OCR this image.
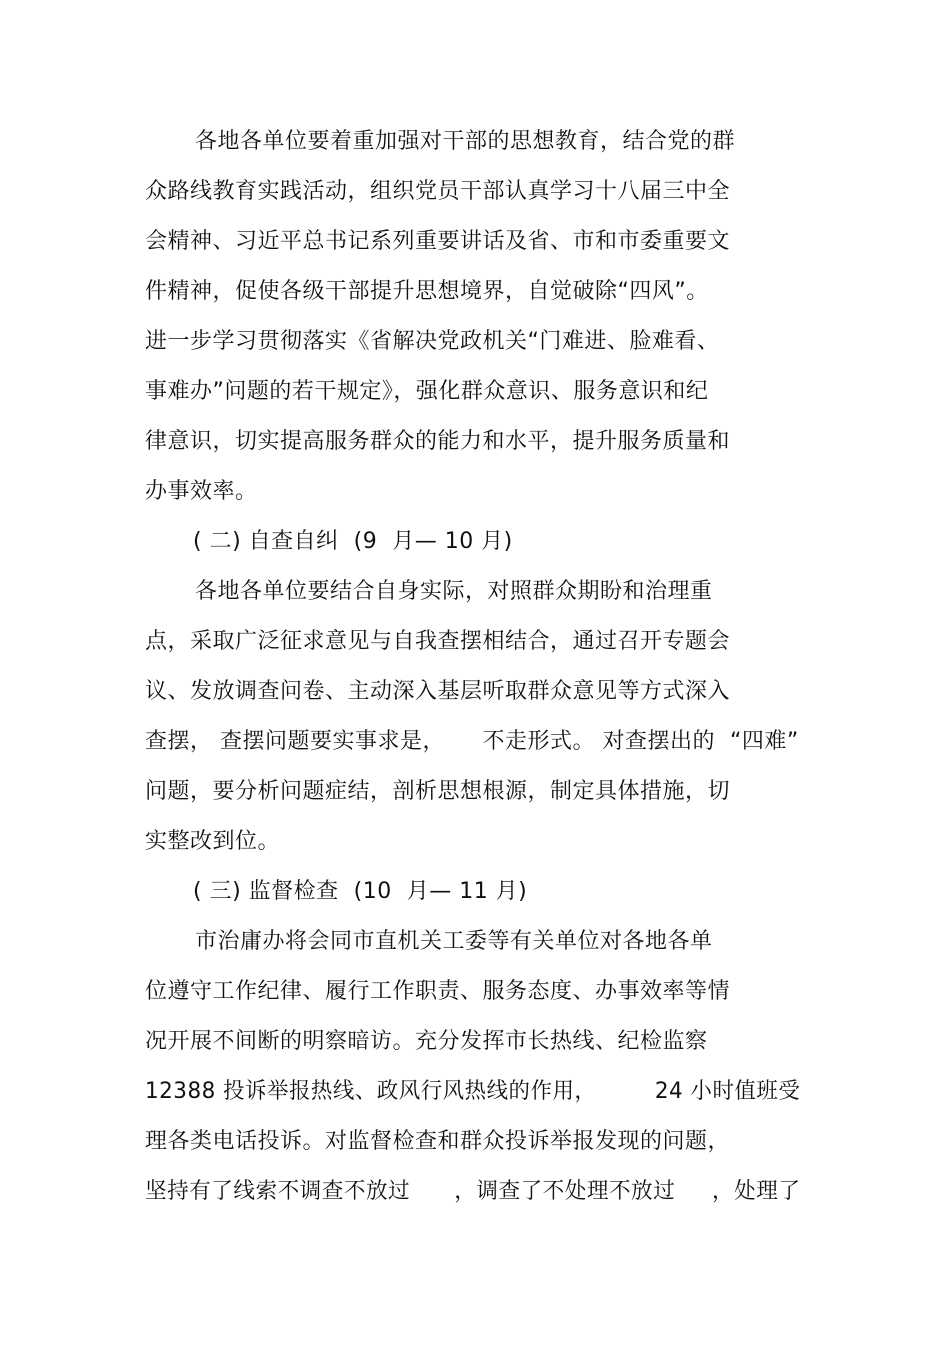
各地各单位要着重加强对干部的思想教育，结合党的群
众路线教育实践活动，组织党员干部认真学习十八届三中全
会精神、习近平总书记系列重要讲话及省、市和市委重要文
件精神，促使各级干部提升思想境界，自觉破除“四风”。
进一步学习贯彻落实《省解决党政机关“门难进、脸难看、
事难办”问题的若干规定》，强化群众意识、服务意识和纪
律意识，切实提高服务群众的能力和水平，提升服务质量和
办事效率。
( 二) 自查自纠  (9  月— 10 月)
各地各单位要结合自身实际，对照群众期盼和治理重
点，采取广泛征求意见与自我查摆相结合，通过召开专题会
议、发放调查问卷、主动深入基层听取群众意见等方式深入
查摆， 查摆问题要实事求是，     不走形式。 对查摆出的  “四难”
问题，要分析问题症结，剖析思想根源，制定具体措施，切
实整改到位。
( 三) 监督检查  (10  月— 11 月)
市治庸办将会同市直机关工委等有关单位对各地各单
位遵守工作纪律、履行工作职责、服务态度、办事效率等情
况开展不间断的明察暗访。充分发挥市长热线、纪检监察
12388 投诉举报热线、政风行风热线的作用，        24 小时值班受
理各类电话投诉。对监督检查和群众投诉举报发现的问题，
坚持有了线索不调查不放过      ，调查了不处理不放过     ，处理了
